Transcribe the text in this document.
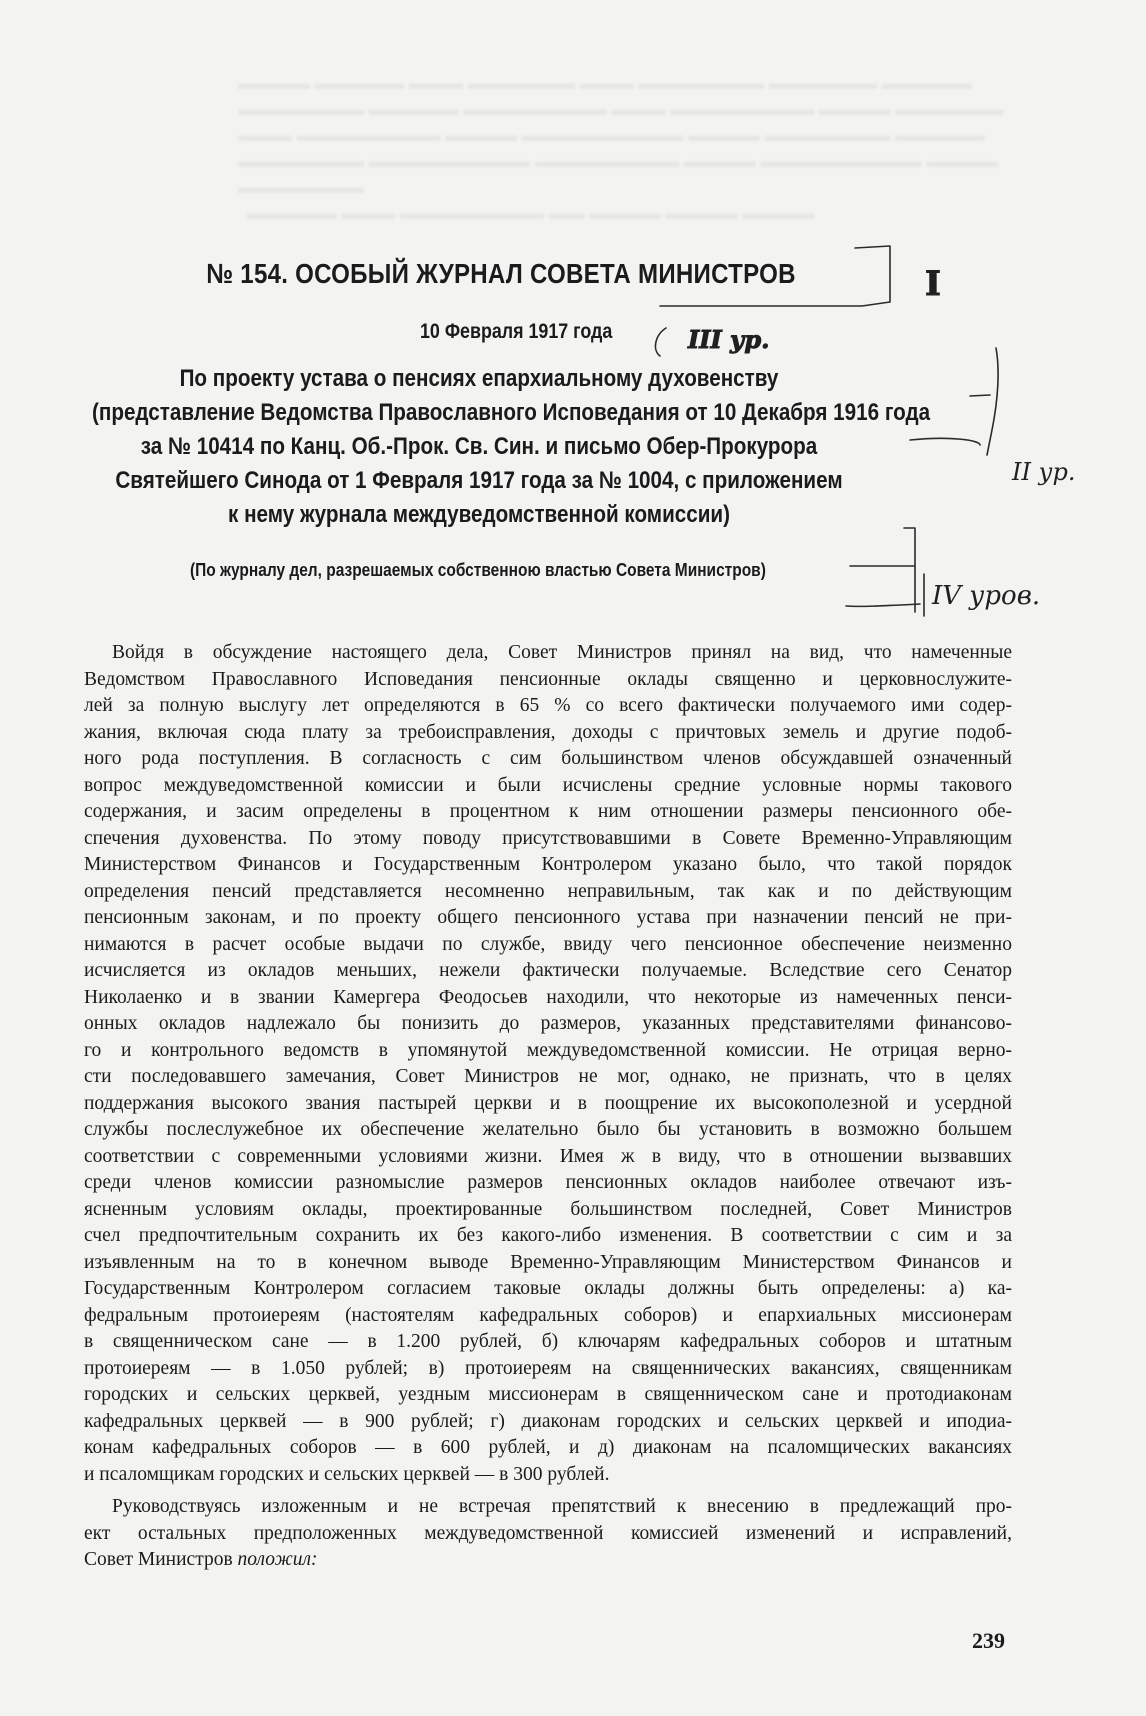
▬▬▬▬ ▬▬▬▬▬ ▬▬▬ ▬▬▬▬▬▬ ▬▬▬ ▬▬▬▬▬▬▬ ▬▬▬▬▬▬ ▬▬▬▬▬
▬▬▬▬▬▬▬ ▬▬▬▬▬ ▬▬▬▬▬▬▬▬ ▬▬▬ ▬▬▬▬▬▬▬▬ ▬▬▬▬ ▬▬▬▬▬▬
▬▬▬ ▬▬▬▬▬▬▬▬ ▬▬▬▬ ▬▬▬▬▬▬▬▬▬ ▬▬▬▬ ▬▬▬▬▬▬▬ ▬▬▬▬▬
▬▬▬▬▬▬▬ ▬▬▬▬▬▬▬▬▬ ▬▬▬▬▬▬▬▬ ▬▬▬▬ ▬▬▬▬▬▬▬▬▬ ▬▬▬▬
▬▬▬▬▬▬▬
▬▬▬▬▬ ▬▬▬ ▬▬▬▬▬▬▬▬ ▬▬ ▬▬▬▬ ▬▬▬▬ ▬▬▬▬
№ 154. ОСОБЫЙ ЖУРНАЛ СОВЕТА МИНИСТРОВ
10 Февраля 1917 года
По проекту устава о пенсиях епархиальному духовенству
(представление Ведомства Православного Исповедания от 10 Декабря 1916 года
за № 10414 по Канц. Об.-Прок. Св. Син. и письмо Обер-Прокурора
Святейшего Синода от 1 Февраля 1917 года за № 1004, с приложением
к нему журнала междуведомственной комиссии)
(По журналу дел, разрешаемых собственною властью Совета Министров)
Войдя в обсуждение настоящего дела, Совет Министров принял на вид, что намеченные
Ведомством Православного Исповедания пенсионные оклады священно и церковнослужите-
лей за полную выслугу лет определяются в 65 % со всего фактически получаемого ими содер-
жания, включая сюда плату за требоисправления, доходы с причтовых земель и другие подоб-
ного рода поступления. В согласность с сим большинством членов обсуждавшей означенный
вопрос междуведомственной комиссии и были исчислены средние условные нормы такового
содержания, и засим определены в процентном к ним отношении размеры пенсионного обе-
спечения духовенства. По этому поводу присутствовавшими в Совете Временно-Управляющим
Министерством Финансов и Государственным Контролером указано было, что такой порядок
определения пенсий представляется несомненно неправильным, так как и по действующим
пенсионным законам, и по проекту общего пенсионного устава при назначении пенсий не при-
нимаются в расчет особые выдачи по службе, ввиду чего пенсионное обеспечение неизменно
исчисляется из окладов меньших, нежели фактически получаемые. Вследствие сего Сенатор
Николаенко и в звании Камергера Феодосьев находили, что некоторые из намеченных пенси-
онных окладов надлежало бы понизить до размеров, указанных представителями финансово-
го и контрольного ведомств в упомянутой междуведомственной комиссии. Не отрицая верно-
сти последовавшего замечания, Совет Министров не мог, однако, не признать, что в целях
поддержания высокого звания пастырей церкви и в поощрение их высокополезной и усердной
службы послеслужебное их обеспечение желательно было бы установить в возможно большем
соответствии с современными условиями жизни. Имея ж в виду, что в отношении вызвавших
среди членов комиссии разномыслие размеров пенсионных окладов наиболее отвечают изъ-
ясненным условиям оклады, проектированные большинством последней, Совет Министров
счел предпочтительным сохранить их без какого-либо изменения. В соответствии с сим и за
изъявленным на то в конечном выводе Временно-Управляющим Министерством Финансов и
Государственным Контролером согласием таковые оклады должны быть определены: а) ка-
федральным протоиереям (настоятелям кафедральных соборов) и епархиальных миссионерам
в священническом сане — в 1.200 рублей, б) ключарям кафедральных соборов и штатным
протоиереям — в 1.050 рублей; в) протоиереям на священнических вакансиях, священникам
городских и сельских церквей, уездным миссионерам в священническом сане и протодиаконам
кафедральных церквей — в 900 рублей; г) диаконам городских и сельских церквей и иподиа-
конам кафедральных соборов — в 600 рублей, и д) диаконам на псаломщических вакансиях
и псаломщикам городских и сельских церквей — в 300 рублей.
Руководствуясь изложенным и не встречая препятствий к внесению в предлежащий про-
ект остальных предположенных междуведомственной комиссией изменений и исправлений,
Совет Министров положил:
239
I
III ур.
II ур.
IV уров.
